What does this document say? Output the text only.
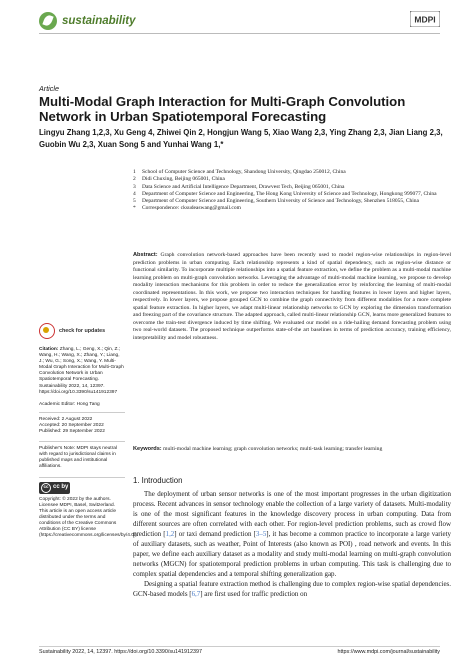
sustainability	MDPI
Article
Multi-Modal Graph Interaction for Multi-Graph Convolution Network in Urban Spatiotemporal Forecasting
Lingyu Zhang 1,2,3, Xu Geng 4, Zhiwei Qin 2, Hongjun Wang 5, Xiao Wang 2,3, Ying Zhang 2,3, Jian Liang 2,3,
Guobin Wu 2,3, Xuan Song 5 and Yunhai Wang 1,*
1	School of Computer Science and Technology, Shandong University, Qingdao 250012, China
2	Didi Chuxing, Beijing 065001, China
3	Data Science and Artificial Intelligence Department, Drawvest Tech, Beijing 065001, China
4	Department of Computer Science and Engineering, The Hong Kong University of Science and Technology, Hongkong 999077, China
5	Department of Computer Science and Engineering, Southern University of Science and Technology, Shenzhen 518055, China
*	Correspondence: cksudeaswang@gmail.com

Abstract: Graph convolution network-based approaches have been recently used to model region-wise relationships in region-level prediction problems in urban computing. Each relationship represents a kind of spatial dependency, such as region-wise distance or functional similarity. To incorporate multiple relationships into a spatial feature extraction, we define the problem as a multi-modal machine learning problem on multi-graph convolution networks. Leveraging the advantage of multi-modal machine learning, we propose to develop modality interaction mechanisms for this problem in order to reduce the generalization error by reinforcing the learning of multi-modal coordinated representations. In this work, we propose two interaction techniques for handling features in lower layers and higher layers, respectively. In lower layers, we propose grouped GCN to combine the graph connectivity from different modalities for a more complete spatial feature extraction. In higher layers, we adapt multi-linear relationship networks to GCN by exploring the dimension transformation and freezing part of the covariance structure. The adapted approach, called multi-linear relationship GCN, learns more generalized features to overcome the train-test divergence induced by time shifting. We evaluated our model on a ride-hailing demand forecasting problem using two real-world datasets. The proposed technique outperforms state-of-the art baselines in terms of prediction accuracy, training efficiency, interpretability and model robustness.

Keywords: multi-modal machine learning; graph convolution networks; multi-task learning; transfer learning

check for updates

Citation: Zhang, L.; Geng, X.; Qin, Z.; Wang, H.; Wang, X.; Zhang, Y.; Liang, J.; Wu, G.; Song, X.; Wang, Y. Multi-Modal Graph Interaction for Multi-Graph Convolution Network in Urban Spatiotemporal Forecasting. Sustainability 2022, 14, 12397. https://doi.org/10.3390/su141912397

Academic Editor: Hong Tang

Received: 2 August 2022

Accepted: 20 September 2022

Published: 29 September 2022

Publisher's Note: MDPI stays neutral with regard to jurisdictional claims in published maps and institutional affiliations.

cc cc by

Copyright: © 2022 by the authors. Licensee MDPI, Basel, Switzerland. This article is an open access article distributed under the terms and conditions of the Creative Commons Attribution (CC BY) license (https://creativecommons.org/licenses/by/4.0/).

1. Introduction

The deployment of urban sensor networks is one of the most important progresses in the urban digitization process. Recent advances in sensor technology enable the collection of a large variety of datasets. Multi-modality is one of the most significant features in the knowledge discovery process in urban computing. Data from different sources are often correlated with each other. For region-level prediction problems, such as crowd flow prediction [1,2] or taxi demand prediction [3–5], it has become a common practice to incorporate a large variety of auxiliary datasets, such as weather, Point of Interests (also known as POI) , road network and events. In this paper, we define each auxiliary dataset as a modality and study multi-modal learning on multi-graph convolution networks (MGCN) for spatiotemporal prediction problems in urban computing. This task is challenging due to complex spatial dependencies and a temporal shifting generalization gap.

Designing a spatial feature extraction method is challenging due to complex region-wise spatial dependencies. GCN-based models [6,7] are first used for traffic prediction on

Sustainability 2022, 14, 12397. https://doi.org/10.3390/su141912397	https://www.mdpi.com/journal/sustainability
